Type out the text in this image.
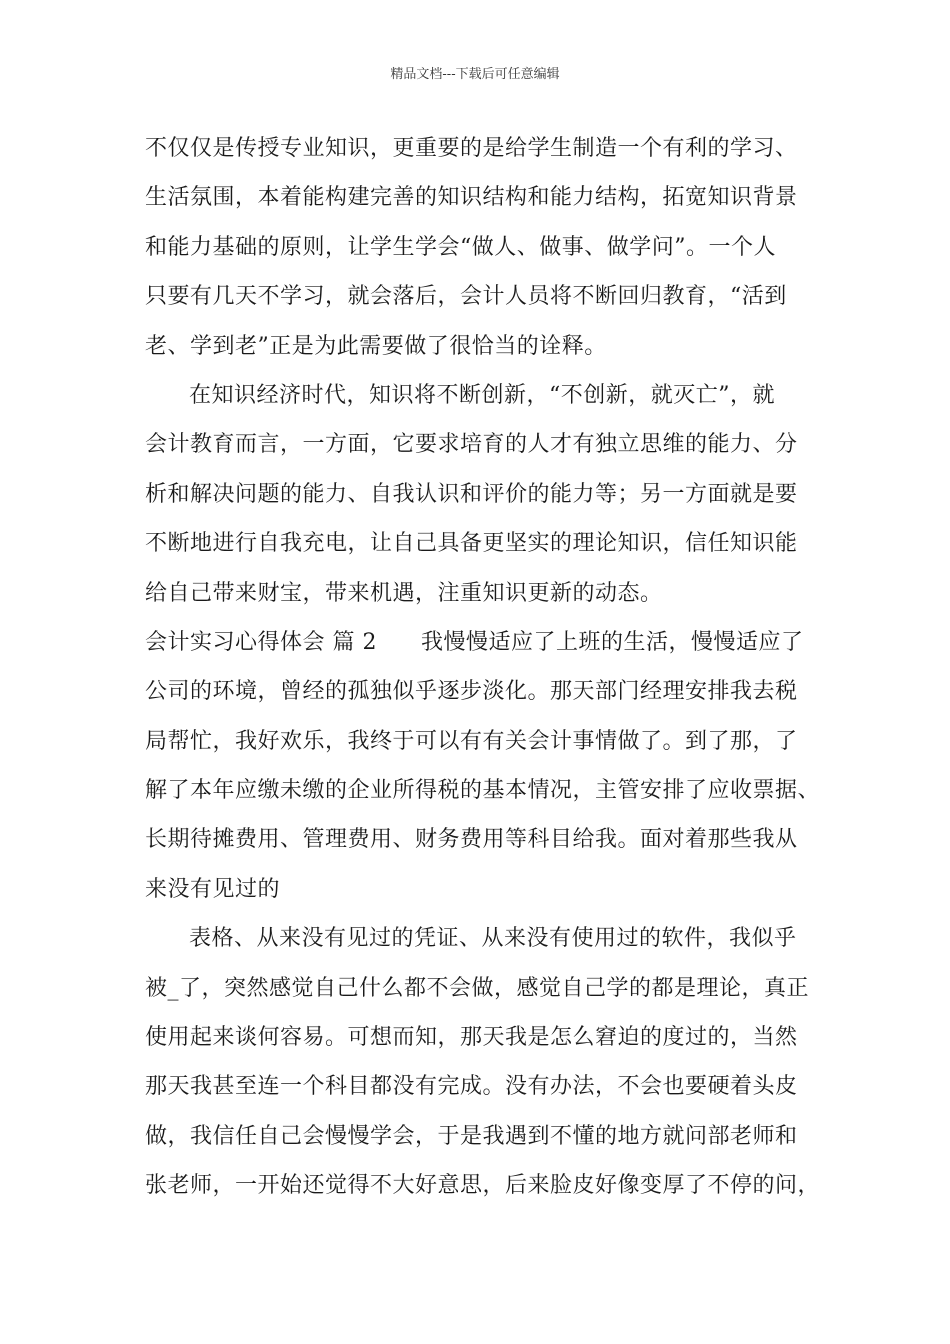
精品文档---下载后可任意编辑
不仅仅是传授专业知识，更重要的是给学生制造一个有利的学习、
生活氛围，本着能构建完善的知识结构和能力结构，拓宽知识背景
和能力基础的原则，让学生学会“做人、做事、做学问”。一个人
只要有几天不学习，就会落后，会计人员将不断回归教育，“活到
老、学到老”正是为此需要做了很恰当的诠释。
在知识经济时代，知识将不断创新，“不创新，就灭亡”，就
会计教育而言，一方面，它要求培育的人才有独立思维的能力、分
析和解决问题的能力、自我认识和评价的能力等；另一方面就是要
不断地进行自我充电，让自己具备更坚实的理论知识，信任知识能
给自己带来财宝，带来机遇，注重知识更新的动态。
会计实习心得体会 篇 2 我慢慢适应了上班的生活，慢慢适应了
公司的环境，曾经的孤独似乎逐步淡化。那天部门经理安排我去税
局帮忙，我好欢乐，我终于可以有有关会计事情做了。到了那，了
解了本年应缴未缴的企业所得税的基本情况，主管安排了应收票据、
长期待摊费用、管理费用、财务费用等科目给我。面对着那些我从
来没有见过的
表格、从来没有见过的凭证、从来没有使用过的软件，我似乎
被_了，突然感觉自己什么都不会做，感觉自己学的都是理论，真正
使用起来谈何容易。可想而知，那天我是怎么窘迫的度过的，当然
那天我甚至连一个科目都没有完成。没有办法，不会也要硬着头皮
做，我信任自己会慢慢学会，于是我遇到不懂的地方就问部老师和
张老师，一开始还觉得不大好意思，后来脸皮好像变厚了不停的问，
